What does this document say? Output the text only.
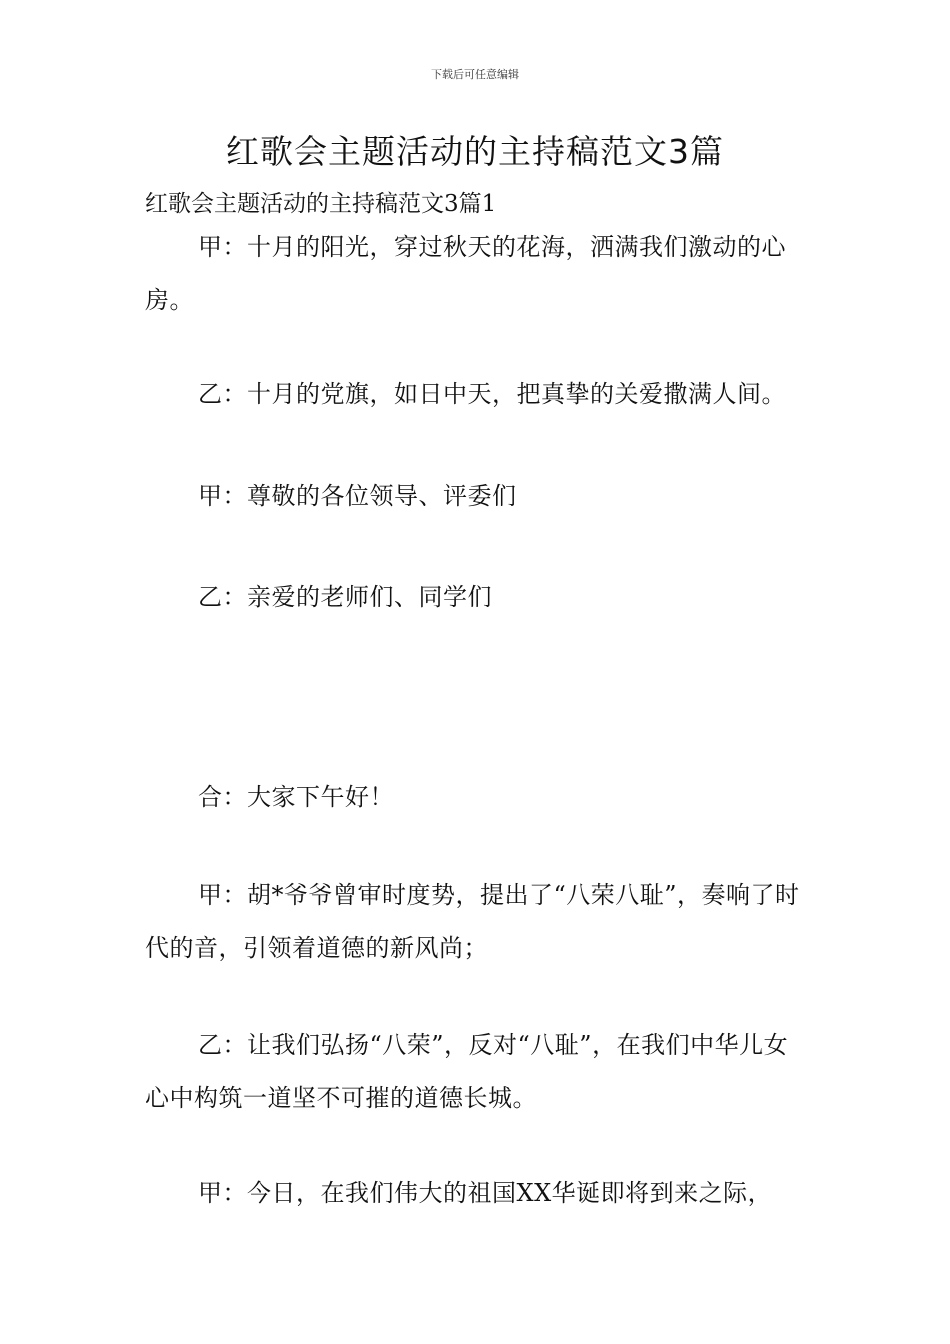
下载后可任意编辑
红歌会主题活动的主持稿范文3篇

红歌会主题活动的主持稿范文3篇1

甲：十月的阳光，穿过秋天的花海，洒满我们激动的心房。

乙：十月的党旗，如日中天，把真挚的关爱撒满人间。

甲：尊敬的各位领导、评委们

乙：亲爱的老师们、同学们

合：大家下午好！

甲：胡*爷爷曾审时度势，提出了“八荣八耻”，奏响了时代的音，引领着道德的新风尚；

乙：让我们弘扬“八荣”，反对“八耻”，在我们中华儿女心中构筑一道坚不可摧的道德长城。

甲：今日，在我们伟大的祖国XX华诞即将到来之际，
